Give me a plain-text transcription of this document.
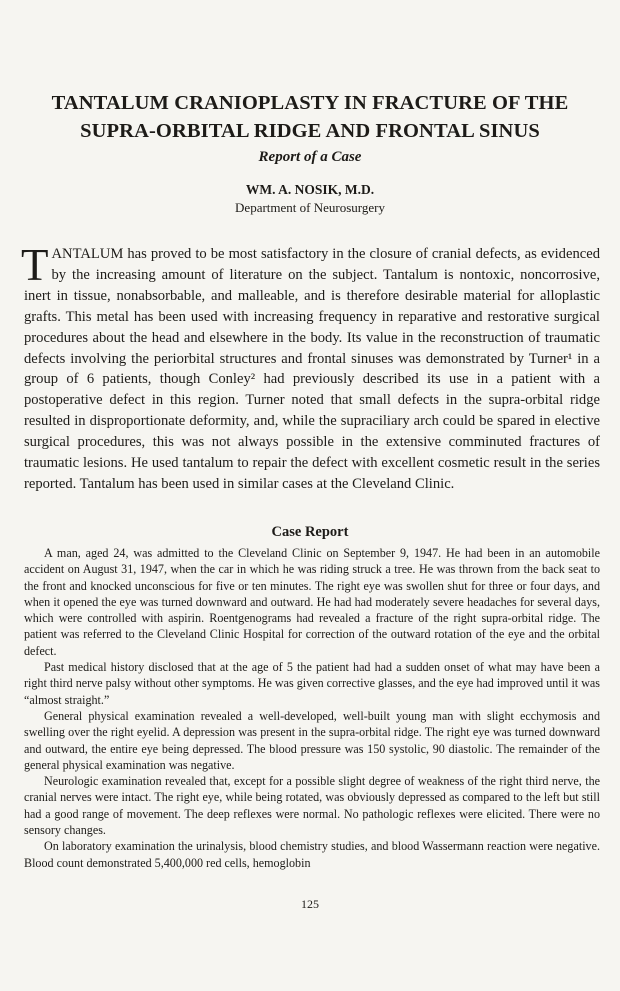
TANTALUM CRANIOPLASTY IN FRACTURE OF THE SUPRA-ORBITAL RIDGE AND FRONTAL SINUS
Report of a Case
WM. A. NOSIK, M.D.
Department of Neurosurgery

TANTALUM has proved to be most satisfactory in the closure of cranial defects, as evidenced by the increasing amount of literature on the subject. Tantalum is nontoxic, noncorrosive, inert in tissue, nonabsorbable, and malleable, and is therefore desirable material for alloplastic grafts. This metal has been used with increasing frequency in reparative and restorative surgical procedures about the head and elsewhere in the body. Its value in the reconstruction of traumatic defects involving the periorbital structures and frontal sinuses was demonstrated by Turner¹ in a group of 6 patients, though Conley² had previously described its use in a patient with a postoperative defect in this region. Turner noted that small defects in the supra-orbital ridge resulted in disproportionate deformity, and, while the supraciliary arch could be spared in elective surgical procedures, this was not always possible in the extensive comminuted fractures of traumatic lesions. He used tantalum to repair the defect with excellent cosmetic result in the series reported. Tantalum has been used in similar cases at the Cleveland Clinic.

Case Report

A man, aged 24, was admitted to the Cleveland Clinic on September 9, 1947. He had been in an automobile accident on August 31, 1947, when the car in which he was riding struck a tree. He was thrown from the back seat to the front and knocked unconscious for five or ten minutes. The right eye was swollen shut for three or four days, and when it opened the eye was turned downward and outward. He had had moderately severe headaches for several days, which were controlled with aspirin. Roentgenograms had revealed a fracture of the right supra-orbital ridge. The patient was referred to the Cleveland Clinic Hospital for correction of the outward rotation of the eye and the orbital defect.

Past medical history disclosed that at the age of 5 the patient had had a sudden onset of what may have been a right third nerve palsy without other symptoms. He was given corrective glasses, and the eye had improved until it was “almost straight.”

General physical examination revealed a well-developed, well-built young man with slight ecchymosis and swelling over the right eyelid. A depression was present in the supra-orbital ridge. The right eye was turned downward and outward, the entire eye being depressed. The blood pressure was 150 systolic, 90 diastolic. The remainder of the general physical examination was negative.

Neurologic examination revealed that, except for a possible slight degree of weakness of the right third nerve, the cranial nerves were intact. The right eye, while being rotated, was obviously depressed as compared to the left but still had a good range of movement. The deep reflexes were normal. No pathologic reflexes were elicited. There were no sensory changes.

On laboratory examination the urinalysis, blood chemistry studies, and blood Wassermann reaction were negative. Blood count demonstrated 5,400,000 red cells, hemoglobin

125
